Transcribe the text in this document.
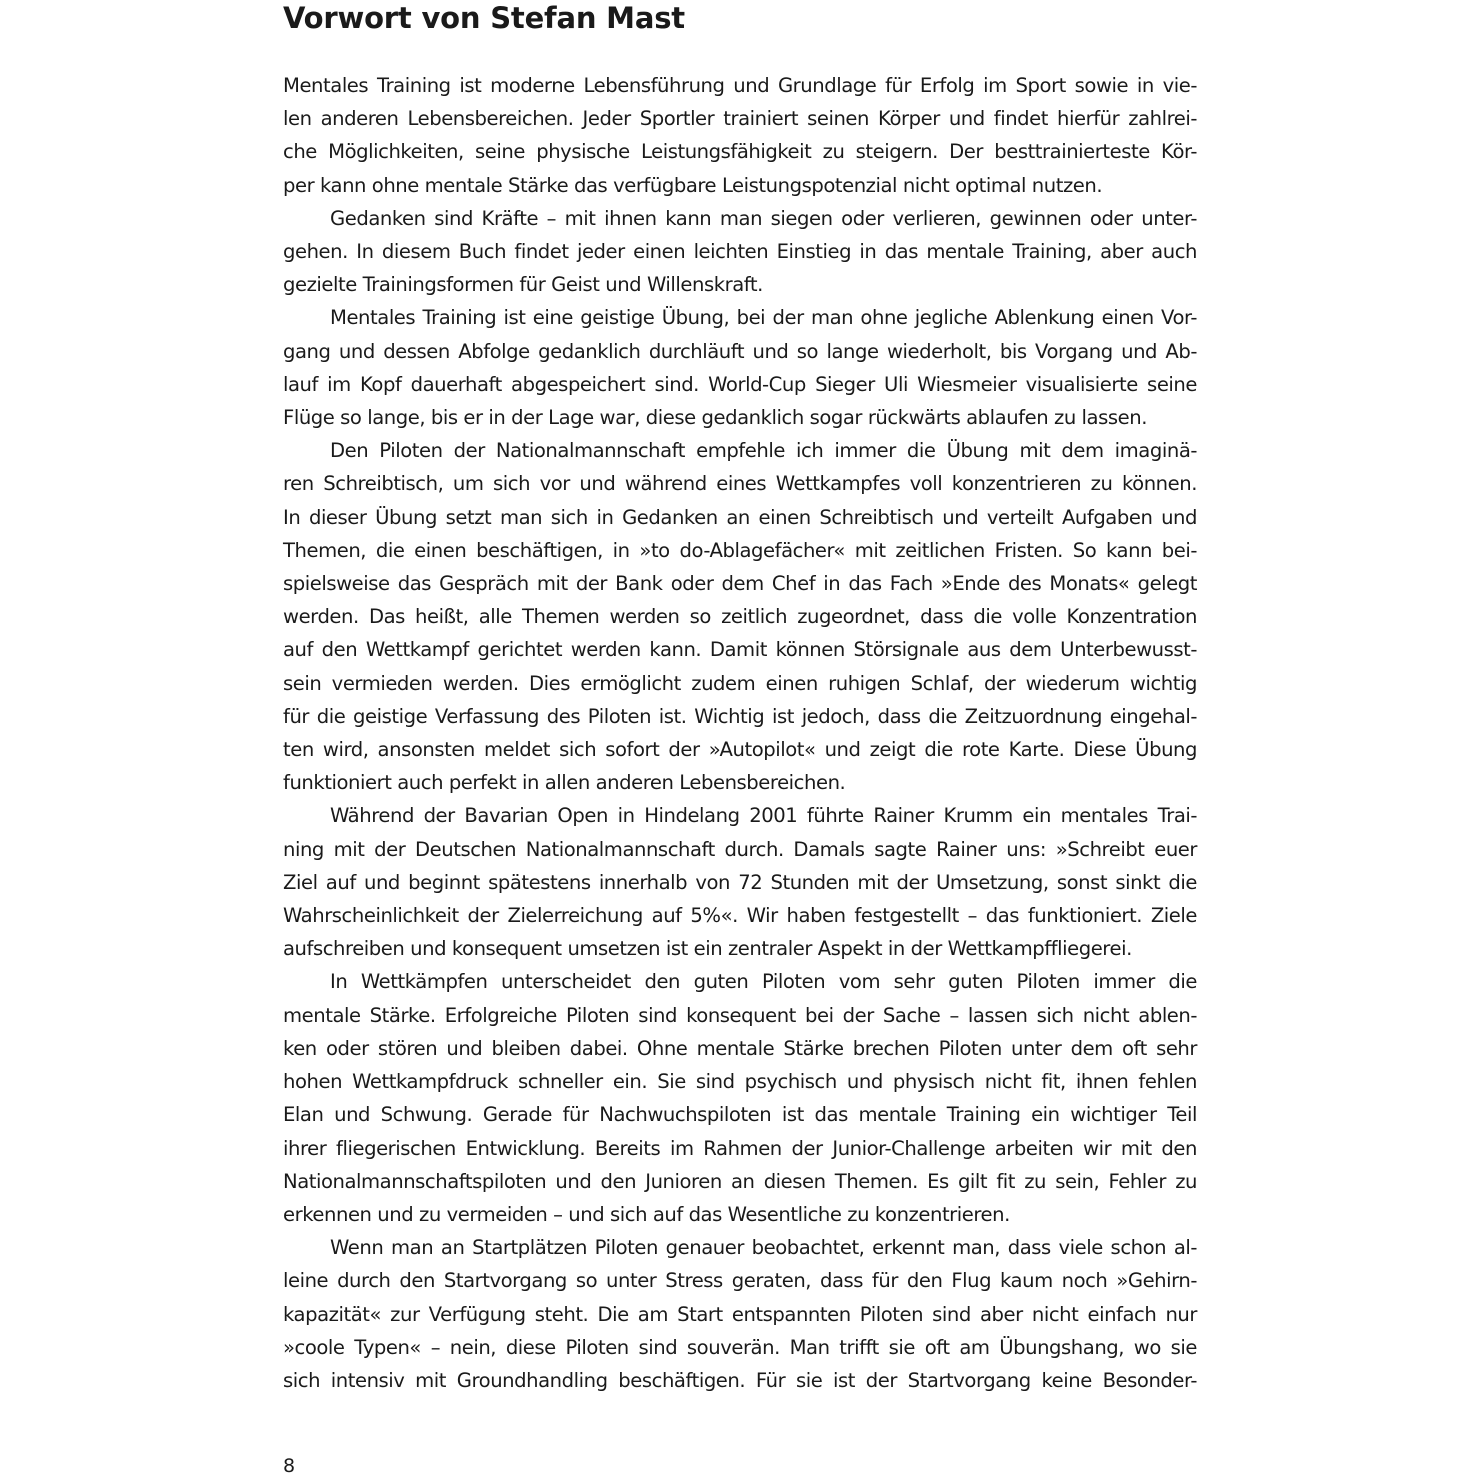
Vorwort von Stefan Mast

Mentales Training ist moderne Lebensführung und Grundlage für Erfolg im Sport sowie in vie-
len anderen Lebensbereichen. Jeder Sportler trainiert seinen Körper und findet hierfür zahlrei-
che Möglichkeiten, seine physische Leistungsfähigkeit zu steigern. Der besttrainierteste Kör-
per kann ohne mentale Stärke das verfügbare Leistungspotenzial nicht optimal nutzen.

Gedanken sind Kräfte – mit ihnen kann man siegen oder verlieren, gewinnen oder unter-
gehen. In diesem Buch findet jeder einen leichten Einstieg in das mentale Training, aber auch
gezielte Trainingsformen für Geist und Willenskraft.

Mentales Training ist eine geistige Übung, bei der man ohne jegliche Ablenkung einen Vor-
gang und dessen Abfolge gedanklich durchläuft und so lange wiederholt, bis Vorgang und Ab-
lauf im Kopf dauerhaft abgespeichert sind. World-Cup Sieger Uli Wiesmeier visualisierte seine
Flüge so lange, bis er in der Lage war, diese gedanklich sogar rückwärts ablaufen zu lassen.

Den Piloten der Nationalmannschaft empfehle ich immer die Übung mit dem imaginä-
ren Schreibtisch, um sich vor und während eines Wettkampfes voll konzentrieren zu können.
In dieser Übung setzt man sich in Gedanken an einen Schreibtisch und verteilt Aufgaben und
Themen, die einen beschäftigen, in »to do-Ablagefächer« mit zeitlichen Fristen. So kann bei-
spielsweise das Gespräch mit der Bank oder dem Chef in das Fach »Ende des Monats« gelegt
werden. Das heißt, alle Themen werden so zeitlich zugeordnet, dass die volle Konzentration
auf den Wettkampf gerichtet werden kann. Damit können Störsignale aus dem Unterbewusst-
sein vermieden werden. Dies ermöglicht zudem einen ruhigen Schlaf, der wiederum wichtig
für die geistige Verfassung des Piloten ist. Wichtig ist jedoch, dass die Zeitzuordnung eingehal-
ten wird, ansonsten meldet sich sofort der »Autopilot« und zeigt die rote Karte. Diese Übung
funktioniert auch perfekt in allen anderen Lebensbereichen.

Während der Bavarian Open in Hindelang 2001 führte Rainer Krumm ein mentales Trai-
ning mit der Deutschen Nationalmannschaft durch. Damals sagte Rainer uns: »Schreibt euer
Ziel auf und beginnt spätestens innerhalb von 72 Stunden mit der Umsetzung, sonst sinkt die
Wahrscheinlichkeit der Zielerreichung auf 5%«. Wir haben festgestellt – das funktioniert. Ziele
aufschreiben und konsequent umsetzen ist ein zentraler Aspekt in der Wettkampffliegerei.

In Wettkämpfen unterscheidet den guten Piloten vom sehr guten Piloten immer die
mentale Stärke. Erfolgreiche Piloten sind konsequent bei der Sache – lassen sich nicht ablen-
ken oder stören und bleiben dabei. Ohne mentale Stärke brechen Piloten unter dem oft sehr
hohen Wettkampfdruck schneller ein. Sie sind psychisch und physisch nicht fit, ihnen fehlen
Elan und Schwung. Gerade für Nachwuchspiloten ist das mentale Training ein wichtiger Teil
ihrer fliegerischen Entwicklung. Bereits im Rahmen der Junior-Challenge arbeiten wir mit den
Nationalmannschaftspiloten und den Junioren an diesen Themen. Es gilt fit zu sein, Fehler zu
erkennen und zu vermeiden – und sich auf das Wesentliche zu konzentrieren.

Wenn man an Startplätzen Piloten genauer beobachtet, erkennt man, dass viele schon al-
leine durch den Startvorgang so unter Stress geraten, dass für den Flug kaum noch »Gehirn-
kapazität« zur Verfügung steht. Die am Start entspannten Piloten sind aber nicht einfach nur
»coole Typen« – nein, diese Piloten sind souverän. Man trifft sie oft am Übungshang, wo sie
sich intensiv mit Groundhandling beschäftigen. Für sie ist der Startvorgang keine Besonder-

8
